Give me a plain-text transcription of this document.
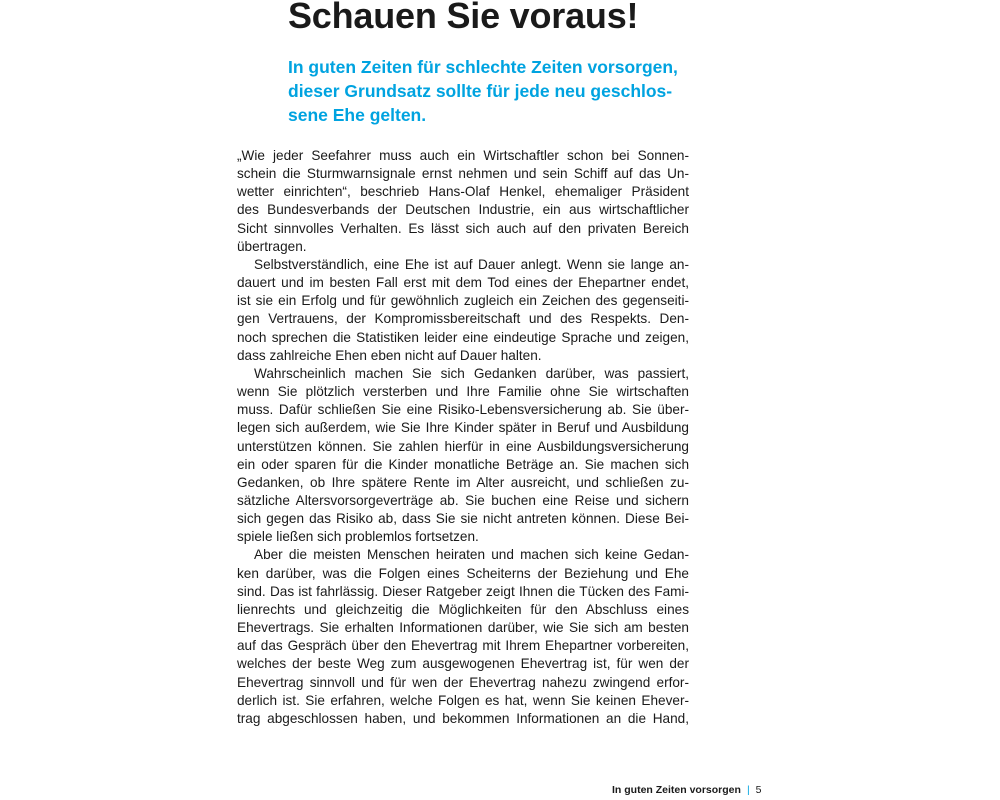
Schauen Sie voraus!
In guten Zeiten für schlechte Zeiten vorsorgen,
dieser Grundsatz sollte für jede neu geschlos-
sene Ehe gelten.

„Wie jeder Seefahrer muss auch ein Wirtschaftler schon bei Sonnen-
schein die Sturmwarnsignale ernst nehmen und sein Schiff auf das Un-
wetter einrichten“, beschrieb Hans-Olaf Henkel, ehemaliger Präsident
des Bundesverbands der Deutschen Industrie, ein aus wirtschaftlicher
Sicht sinnvolles Verhalten. Es lässt sich auch auf den privaten Bereich
übertragen.

Selbstverständlich, eine Ehe ist auf Dauer anlegt. Wenn sie lange an-
dauert und im besten Fall erst mit dem Tod eines der Ehepartner endet,
ist sie ein Erfolg und für gewöhnlich zugleich ein Zeichen des gegenseiti-
gen Vertrauens, der Kompromissbereitschaft und des Respekts. Den-
noch sprechen die Statistiken leider eine eindeutige Sprache und zeigen,
dass zahlreiche Ehen eben nicht auf Dauer halten.

Wahrscheinlich machen Sie sich Gedanken darüber, was passiert,
wenn Sie plötzlich versterben und Ihre Familie ohne Sie wirtschaften
muss. Dafür schließen Sie eine Risiko-Lebensversicherung ab. Sie über-
legen sich außerdem, wie Sie Ihre Kinder später in Beruf und Ausbildung
unterstützen können. Sie zahlen hierfür in eine Ausbildungsversicherung
ein oder sparen für die Kinder monatliche Beträge an. Sie machen sich
Gedanken, ob Ihre spätere Rente im Alter ausreicht, und schließen zu-
sätzliche Altersvorsorgeverträge ab. Sie buchen eine Reise und sichern
sich gegen das Risiko ab, dass Sie sie nicht antreten können. Diese Bei-
spiele ließen sich problemlos fortsetzen.

Aber die meisten Menschen heiraten und machen sich keine Gedan-
ken darüber, was die Folgen eines Scheiterns der Beziehung und Ehe
sind. Das ist fahrlässig. Dieser Ratgeber zeigt Ihnen die Tücken des Fami-
lienrechts und gleichzeitig die Möglichkeiten für den Abschluss eines
Ehevertrags. Sie erhalten Informationen darüber, wie Sie sich am besten
auf das Gespräch über den Ehevertrag mit Ihrem Ehepartner vorbereiten,
welches der beste Weg zum ausgewogenen Ehevertrag ist, für wen der
Ehevertrag sinnvoll und für wen der Ehevertrag nahezu zwingend erfor-
derlich ist. Sie erfahren, welche Folgen es hat, wenn Sie keinen Ehever-
trag abgeschlossen haben, und bekommen Informationen an die Hand,

In guten Zeiten vorsorgen | 5
